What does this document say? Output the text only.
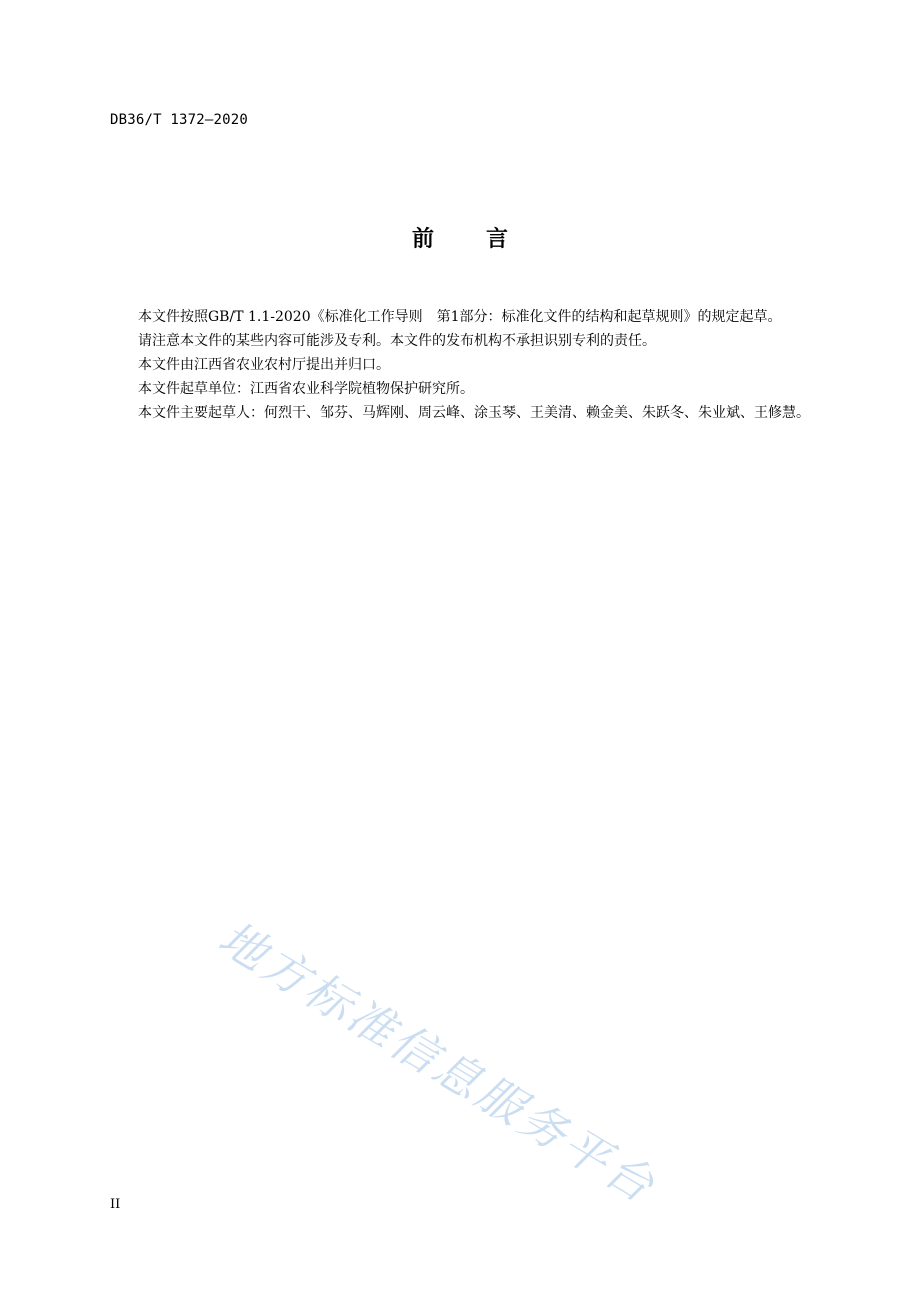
DB36/T 1372—2020
前言

本文件按照GB/T 1.1-2020《标准化工作导则　第1部分：标准化文件的结构和起草规则》的规定起草。

请注意本文件的某些内容可能涉及专利。本文件的发布机构不承担识别专利的责任。

本文件由江西省农业农村厅提出并归口。

本文件起草单位：江西省农业科学院植物保护研究所。

本文件主要起草人：何烈干、邹芬、马辉刚、周云峰、涂玉琴、王美清、赖金美、朱跃冬、朱业斌、王修慧。

地方标准信息服务平台
II
